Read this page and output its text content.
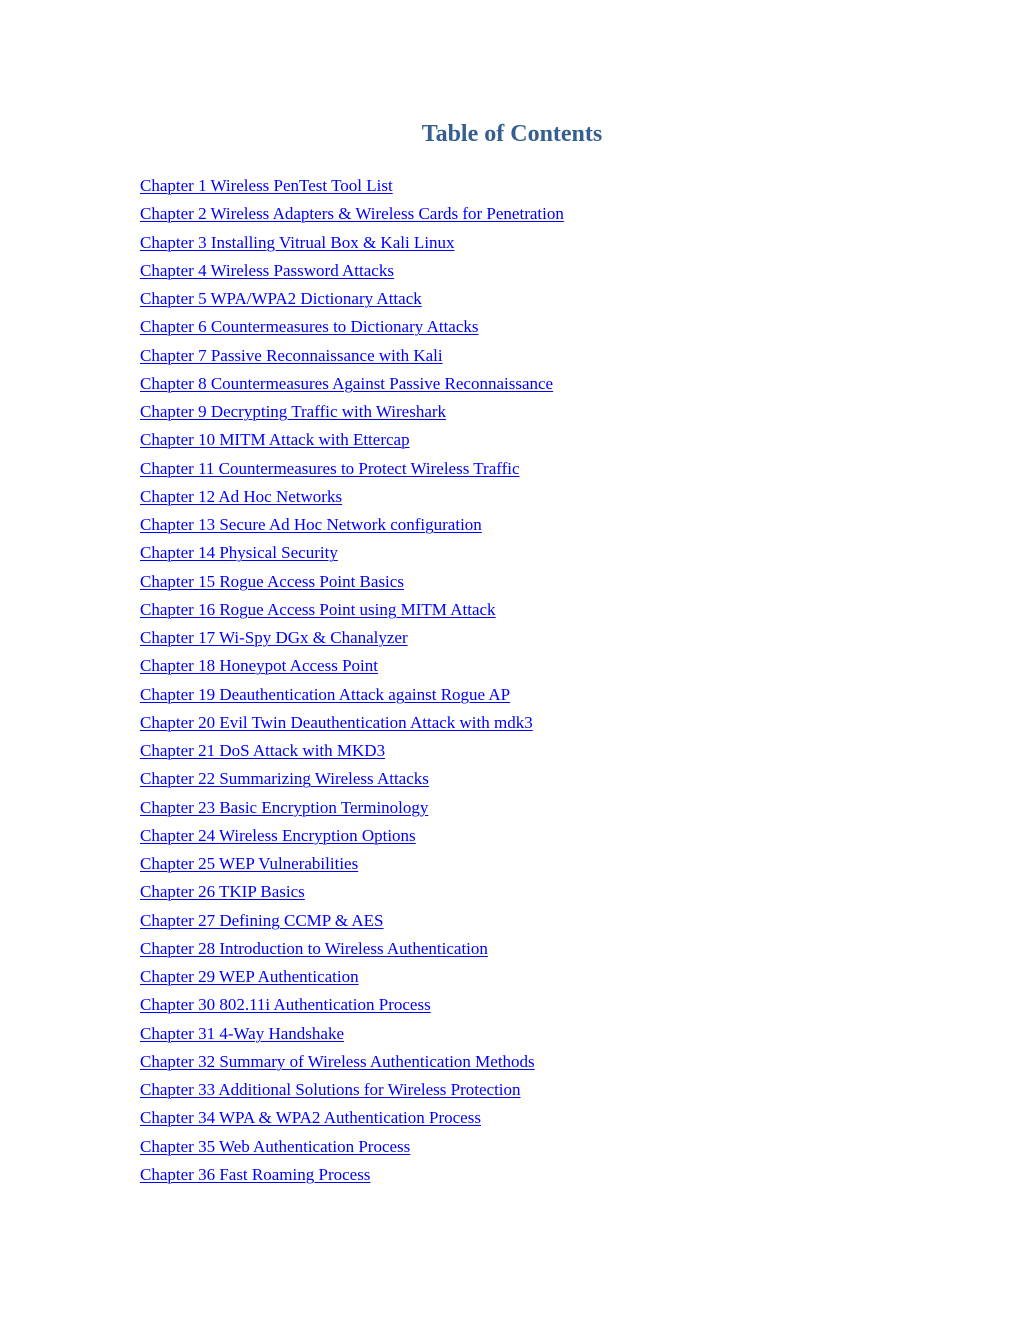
Table of Contents
Chapter 1 Wireless PenTest Tool List
Chapter 2 Wireless Adapters & Wireless Cards for Penetration
Chapter 3 Installing Vitrual Box & Kali Linux
Chapter 4 Wireless Password Attacks
Chapter 5 WPA/WPA2 Dictionary Attack
Chapter 6 Countermeasures to Dictionary Attacks
Chapter 7 Passive Reconnaissance with Kali
Chapter 8 Countermeasures Against Passive Reconnaissance
Chapter 9 Decrypting Traffic with Wireshark
Chapter 10 MITM Attack with Ettercap
Chapter 11 Countermeasures to Protect Wireless Traffic
Chapter 12 Ad Hoc Networks
Chapter 13 Secure Ad Hoc Network configuration
Chapter 14 Physical Security
Chapter 15 Rogue Access Point Basics
Chapter 16 Rogue Access Point using MITM Attack
Chapter 17 Wi-Spy DGx & Chanalyzer
Chapter 18 Honeypot Access Point
Chapter 19 Deauthentication Attack against Rogue AP
Chapter 20 Evil Twin Deauthentication Attack with mdk3
Chapter 21 DoS Attack with MKD3
Chapter 22 Summarizing Wireless Attacks
Chapter 23 Basic Encryption Terminology
Chapter 24 Wireless Encryption Options
Chapter 25 WEP Vulnerabilities
Chapter 26 TKIP Basics
Chapter 27 Defining CCMP & AES
Chapter 28 Introduction to Wireless Authentication
Chapter 29 WEP Authentication
Chapter 30 802.11i Authentication Process
Chapter 31 4-Way Handshake
Chapter 32 Summary of Wireless Authentication Methods
Chapter 33 Additional Solutions for Wireless Protection
Chapter 34 WPA & WPA2 Authentication Process
Chapter 35 Web Authentication Process
Chapter 36 Fast Roaming Process
